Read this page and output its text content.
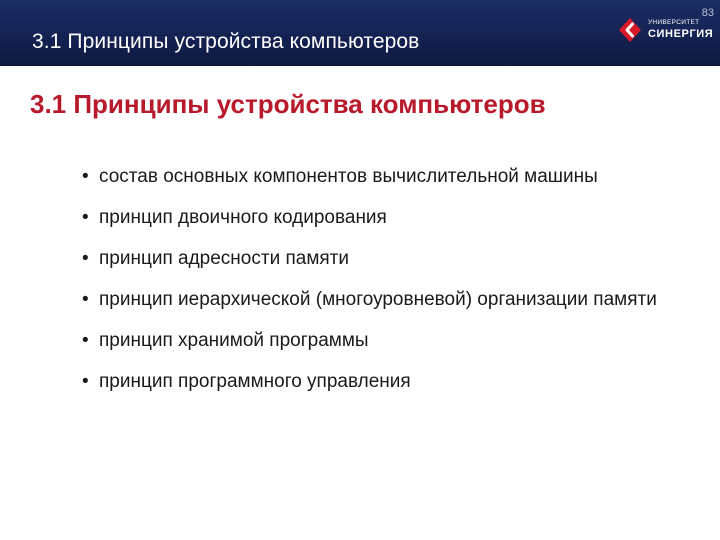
3.1 Принципы устройства компьютеров
83
УНИВЕРСИТЕТ
СИНЕРГИЯ
3.1 Принципы устройства компьютеров
• состав основных компонентов вычислительной машины
• принцип двоичного кодирования
• принцип адресности памяти
• принцип иерархической (многоуровневой) организации памяти
• принцип хранимой программы
• принцип программного управления
